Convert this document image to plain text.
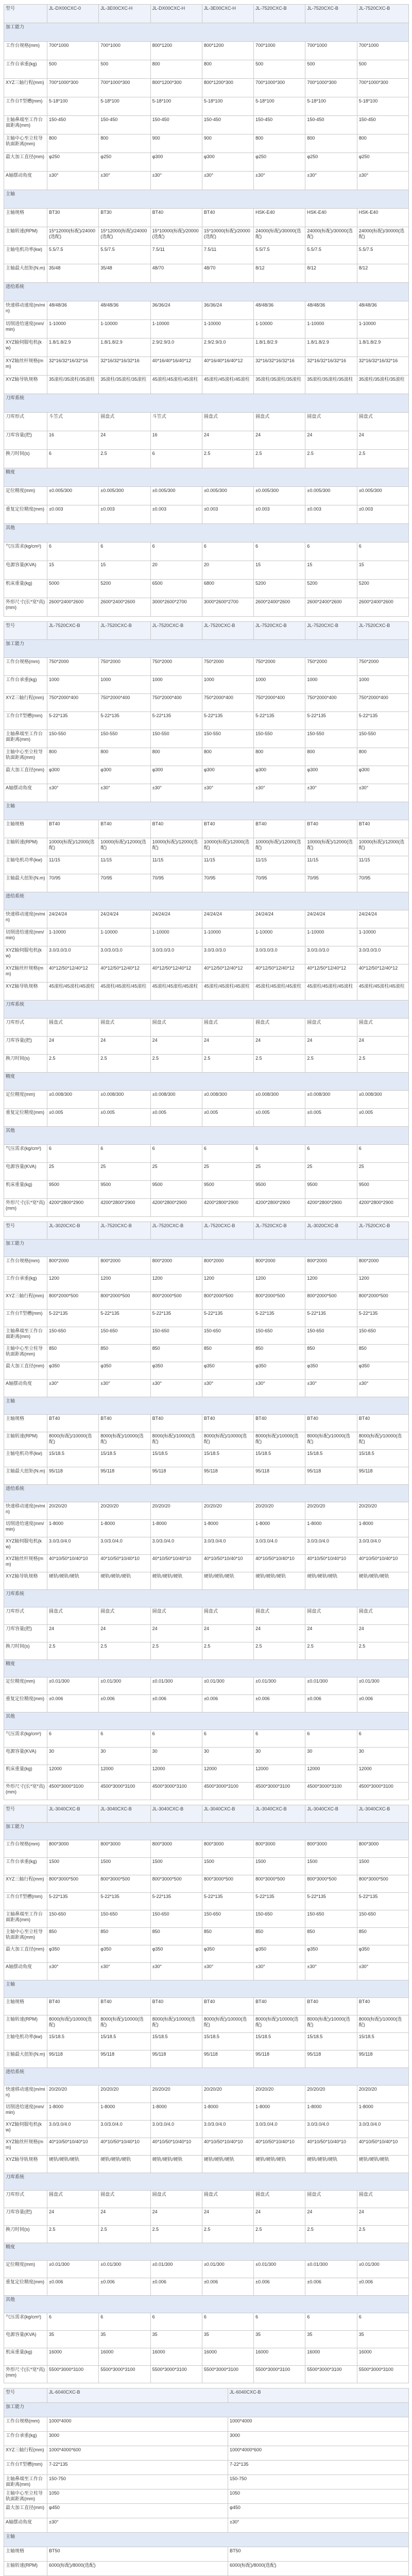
型号	JL-DX00CXC-0	JL-3E00CXC-H	JL-DX00CXC-H	JL-3E00CXC-H	JL-7520CXC-B	JL-7520CXC-B	JL-7520CXC-B
加工能力							
工作台规格(mm)	700*1000	700*1000	800*1200	800*1200	700*1000	700*1000	700*1000
工作台承重(kg)	500	500	800	800	500	500	500
XYZ三轴行程(mm)	700*1000*300	700*1000*300	800*1200*300	800*1200*300	700*1000*300	700*1000*300	700*1000*300
工作台T型槽(mm)	5-18*100	5-18*100	5-18*100	5-18*100	5-18*100	5-18*100	5-18*100
主轴鼻端至工作台面距离(mm)	150-450	150-450	150-450	150-450	150-450	150-450	150-450
主轴中心至立柱导轨面距离(mm)	800	800	900	900	800	800	800
最大加工直径(mm)	φ250	φ250	φ300	φ300	φ250	φ250	φ250
A轴摆动角度	±30°	±30°	±30°	±30°	±30°	±30°	±30°
主轴							
主轴规格	BT30	BT30	BT40	BT40	HSK-E40	HSK-E40	HSK-E40
主轴转速(RPM)	15*12000(标配)/24000(选配)	15*12000(标配)/24000(选配)	15*10000(标配)/20000(选配)	15*10000(标配)/20000(选配)	24000(标配)/30000(选配)	24000(标配)/30000(选配)	24000(标配)/30000(选配)
主轴电机功率(kw)	5.5/7.5	5.5/7.5	7.5/11	7.5/11	5.5/7.5	5.5/7.5	5.5/7.5
主轴最大扭矩(N.m)	35/48	35/48	48/70	48/70	8/12	8/12	8/12
进给系统							
快速移动速度(m/min)	48/48/36	48/48/36	36/36/24	36/36/24	48/48/36	48/48/36	48/48/36
切削进给速度(mm/min)	1-10000	1-10000	1-10000	1-10000	1-10000	1-10000	1-10000
XYZ轴伺服电机(kw)	1.8/1.8/2.9	1.8/1.8/2.9	2.9/2.9/3.0	2.9/2.9/3.0	1.8/1.8/2.9	1.8/1.8/2.9	1.8/1.8/2.9
XYZ轴丝杆规格(mm)	32*16/32*16/32*16	32*16/32*16/32*16	40*16/40*16/40*12	40*16/40*16/40*12	32*16/32*16/32*16	32*16/32*16/32*16	32*16/32*16/32*16
XYZ轴导轨规格	35滚柱/35滚柱/35滚柱	35滚柱/35滚柱/35滚柱	45滚柱/45滚柱/45滚柱	45滚柱/45滚柱/45滚柱	35滚柱/35滚柱/35滚柱	35滚柱/35滚柱/35滚柱	35滚柱/35滚柱/35滚柱
刀库系统							
刀库形式	斗笠式	圆盘式	斗笠式	圆盘式	圆盘式	圆盘式	圆盘式
刀库容量(把)	16	24	16	24	24	24	24
换刀时间(s)	6	2.5	6	2.5	2.5	2.5	2.5
精度							
定位精度(mm)	±0.005/300	±0.005/300	±0.005/300	±0.005/300	±0.005/300	±0.005/300	±0.005/300
重复定位精度(mm)	±0.003	±0.003	±0.003	±0.003	±0.003	±0.003	±0.003
其他							
气压需求(kg/cm²)	6	6	6	6	6	6	6
电源容量(KVA)	15	15	20	20	15	15	15
机床重量(kg)	5000	5200	6500	6800	5200	5200	5200
外形尺寸(长*宽*高)(mm)	2600*2400*2600	2600*2400*2600	3000*2600*2700	3000*2600*2700	2600*2400*2600	2600*2400*2600	2600*2400*2600
型号	JL-7520CXC-B	JL-7520CXC-B	JL-7520CXC-B	JL-7520CXC-B	JL-7520CXC-B	JL-7520CXC-B	JL-7520CXC-B
加工能力							
工作台规格(mm)	750*2000	750*2000	750*2000	750*2000	750*2000	750*2000	750*2000
工作台承重(kg)	1000	1000	1000	1000	1000	1000	1000
XYZ三轴行程(mm)	750*2000*400	750*2000*400	750*2000*400	750*2000*400	750*2000*400	750*2000*400	750*2000*400
工作台T型槽(mm)	5-22*135	5-22*135	5-22*135	5-22*135	5-22*135	5-22*135	5-22*135
主轴鼻端至工作台面距离(mm)	150-550	150-550	150-550	150-550	150-550	150-550	150-550
主轴中心至立柱导轨面距离(mm)	800	800	800	800	800	800	800
最大加工直径(mm)	φ300	φ300	φ300	φ300	φ300	φ300	φ300
A轴摆动角度	±30°	±30°	±30°	±30°	±30°	±30°	±30°
主轴							
主轴规格	BT40	BT40	BT40	BT40	BT40	BT40	BT40
主轴转速(RPM)	10000(标配)/12000(选配)	10000(标配)/12000(选配)	10000(标配)/12000(选配)	10000(标配)/12000(选配)	10000(标配)/12000(选配)	10000(标配)/12000(选配)	10000(标配)/12000(选配)
主轴电机功率(kw)	11/15	11/15	11/15	11/15	11/15	11/15	11/15
主轴最大扭矩(N.m)	70/95	70/95	70/95	70/95	70/95	70/95	70/95
进给系统							
快速移动速度(m/min)	24/24/24	24/24/24	24/24/24	24/24/24	24/24/24	24/24/24	24/24/24
切削进给速度(mm/min)	1-10000	1-10000	1-10000	1-10000	1-10000	1-10000	1-10000
XYZ轴伺服电机(kw)	3.0/3.0/3.0	3.0/3.0/3.0	3.0/3.0/3.0	3.0/3.0/3.0	3.0/3.0/3.0	3.0/3.0/3.0	3.0/3.0/3.0
XYZ轴丝杆规格(mm)	40*12/50*12/40*12	40*12/50*12/40*12	40*12/50*12/40*12	40*12/50*12/40*12	40*12/50*12/40*12	40*12/50*12/40*12	40*12/50*12/40*12
XYZ轴导轨规格	45滚柱/45滚柱/45滚柱	45滚柱/45滚柱/45滚柱	45滚柱/45滚柱/45滚柱	45滚柱/45滚柱/45滚柱	45滚柱/45滚柱/45滚柱	45滚柱/45滚柱/45滚柱	45滚柱/45滚柱/45滚柱
刀库系统							
刀库形式	圆盘式	圆盘式	圆盘式	圆盘式	圆盘式	圆盘式	圆盘式
刀库容量(把)	24	24	24	24	24	24	24
换刀时间(s)	2.5	2.5	2.5	2.5	2.5	2.5	2.5
精度							
定位精度(mm)	±0.008/300	±0.008/300	±0.008/300	±0.008/300	±0.008/300	±0.008/300	±0.008/300
重复定位精度(mm)	±0.005	±0.005	±0.005	±0.005	±0.005	±0.005	±0.005
其他							
气压需求(kg/cm²)	6	6	6	6	6	6	6
电源容量(KVA)	25	25	25	25	25	25	25
机床重量(kg)	9500	9500	9500	9500	9500	9500	9500
外形尺寸(长*宽*高)(mm)	4200*2800*2900	4200*2800*2900	4200*2800*2900	4200*2800*2900	4200*2800*2900	4200*2800*2900	4200*2800*2900
型号	JL-3020CXC-B	JL-7520CXC-B	JL-7520CXC-B	JL-7520CXC-B	JL-7520CXC-B	JL-3020CXC-B	JL-7520CXC-B
加工能力							
工作台规格(mm)	800*2000	800*2000	800*2000	800*2000	800*2000	800*2000	800*2000
工作台承重(kg)	1200	1200	1200	1200	1200	1200	1200
XYZ三轴行程(mm)	800*2000*500	800*2000*500	800*2000*500	800*2000*500	800*2000*500	800*2000*500	800*2000*500
工作台T型槽(mm)	5-22*135	5-22*135	5-22*135	5-22*135	5-22*135	5-22*135	5-22*135
主轴鼻端至工作台面距离(mm)	150-650	150-650	150-650	150-650	150-650	150-650	150-650
主轴中心至立柱导轨面距离(mm)	850	850	850	850	850	850	850
最大加工直径(mm)	φ350	φ350	φ350	φ350	φ350	φ350	φ350
A轴摆动角度	±30°	±30°	±30°	±30°	±30°	±30°	±30°
主轴							
主轴规格	BT40	BT40	BT40	BT40	BT40	BT40	BT40
主轴转速(RPM)	8000(标配)/10000(选配)	8000(标配)/10000(选配)	8000(标配)/10000(选配)	8000(标配)/10000(选配)	8000(标配)/10000(选配)	8000(标配)/10000(选配)	8000(标配)/10000(选配)
主轴电机功率(kw)	15/18.5	15/18.5	15/18.5	15/18.5	15/18.5	15/18.5	15/18.5
主轴最大扭矩(N.m)	95/118	95/118	95/118	95/118	95/118	95/118	95/118
进给系统							
快速移动速度(m/min)	20/20/20	20/20/20	20/20/20	20/20/20	20/20/20	20/20/20	20/20/20
切削进给速度(mm/min)	1-8000	1-8000	1-8000	1-8000	1-8000	1-8000	1-8000
XYZ轴伺服电机(kw)	3.0/3.0/4.0	3.0/3.0/4.0	3.0/3.0/4.0	3.0/3.0/4.0	3.0/3.0/4.0	3.0/3.0/4.0	3.0/3.0/4.0
XYZ轴丝杆规格(mm)	40*10/50*10/40*10	40*10/50*10/40*10	40*10/50*10/40*10	40*10/50*10/40*10	40*10/50*10/40*10	40*10/50*10/40*10	40*10/50*10/40*10
XYZ轴导轨规格	硬轨/硬轨/硬轨	硬轨/硬轨/硬轨	硬轨/硬轨/硬轨	硬轨/硬轨/硬轨	硬轨/硬轨/硬轨	硬轨/硬轨/硬轨	硬轨/硬轨/硬轨
刀库系统							
刀库形式	圆盘式	圆盘式	圆盘式	圆盘式	圆盘式	圆盘式	圆盘式
刀库容量(把)	24	24	24	24	24	24	24
换刀时间(s)	2.5	2.5	2.5	2.5	2.5	2.5	2.5
精度							
定位精度(mm)	±0.01/300	±0.01/300	±0.01/300	±0.01/300	±0.01/300	±0.01/300	±0.01/300
重复定位精度(mm)	±0.006	±0.006	±0.006	±0.006	±0.006	±0.006	±0.006
其他							
气压需求(kg/cm²)	6	6	6	6	6	6	6
电源容量(KVA)	30	30	30	30	30	30	30
机床重量(kg)	12000	12000	12000	12000	12000	12000	12000
外形尺寸(长*宽*高)(mm)	4500*3000*3100	4500*3000*3100	4500*3000*3100	4500*3000*3100	4500*3000*3100	4500*3000*3100	4500*3000*3100
型号	JL-3040CXC-B	JL-3040CXC-B	JL-3040CXC-B	JL-3040CXC-B	JL-3040CXC-B	JL-3040CXC-B	JL-3040CXC-B
加工能力							
工作台规格(mm)	800*3000	800*3000	800*3000	800*3000	800*3000	800*3000	800*3000
工作台承重(kg)	1500	1500	1500	1500	1500	1500	1500
XYZ三轴行程(mm)	800*3000*500	800*3000*500	800*3000*500	800*3000*500	800*3000*500	800*3000*500	800*3000*500
工作台T型槽(mm)	5-22*135	5-22*135	5-22*135	5-22*135	5-22*135	5-22*135	5-22*135
主轴鼻端至工作台面距离(mm)	150-650	150-650	150-650	150-650	150-650	150-650	150-650
主轴中心至立柱导轨面距离(mm)	850	850	850	850	850	850	850
最大加工直径(mm)	φ350	φ350	φ350	φ350	φ350	φ350	φ350
A轴摆动角度	±30°	±30°	±30°	±30°	±30°	±30°	±30°
主轴							
主轴规格	BT40	BT40	BT40	BT40	BT40	BT40	BT40
主轴转速(RPM)	8000(标配)/10000(选配)	8000(标配)/10000(选配)	8000(标配)/10000(选配)	8000(标配)/10000(选配)	8000(标配)/10000(选配)	8000(标配)/10000(选配)	8000(标配)/10000(选配)
主轴电机功率(kw)	15/18.5	15/18.5	15/18.5	15/18.5	15/18.5	15/18.5	15/18.5
主轴最大扭矩(N.m)	95/118	95/118	95/118	95/118	95/118	95/118	95/118
进给系统							
快速移动速度(m/min)	20/20/20	20/20/20	20/20/20	20/20/20	20/20/20	20/20/20	20/20/20
切削进给速度(mm/min)	1-8000	1-8000	1-8000	1-8000	1-8000	1-8000	1-8000
XYZ轴伺服电机(kw)	3.0/3.0/4.0	3.0/3.0/4.0	3.0/3.0/4.0	3.0/3.0/4.0	3.0/3.0/4.0	3.0/3.0/4.0	3.0/3.0/4.0
XYZ轴丝杆规格(mm)	40*10/50*10/40*10	40*10/50*10/40*10	40*10/50*10/40*10	40*10/50*10/40*10	40*10/50*10/40*10	40*10/50*10/40*10	40*10/50*10/40*10
XYZ轴导轨规格	硬轨/硬轨/硬轨	硬轨/硬轨/硬轨	硬轨/硬轨/硬轨	硬轨/硬轨/硬轨	硬轨/硬轨/硬轨	硬轨/硬轨/硬轨	硬轨/硬轨/硬轨
刀库系统							
刀库形式	圆盘式	圆盘式	圆盘式	圆盘式	圆盘式	圆盘式	圆盘式
刀库容量(把)	24	24	24	24	24	24	24
换刀时间(s)	2.5	2.5	2.5	2.5	2.5	2.5	2.5
精度							
定位精度(mm)	±0.01/300	±0.01/300	±0.01/300	±0.01/300	±0.01/300	±0.01/300	±0.01/300
重复定位精度(mm)	±0.006	±0.006	±0.006	±0.006	±0.006	±0.006	±0.006
其他							
气压需求(kg/cm²)	6	6	6	6	6	6	6
电源容量(KVA)	35	35	35	35	35	35	35
机床重量(kg)	16000	16000	16000	16000	16000	16000	16000
外形尺寸(长*宽*高)(mm)	5500*3000*3100	5500*3000*3100	5500*3000*3100	5500*3000*3100	5500*3000*3100	5500*3000*3100	5500*3000*3100
型号	JL-6040CXC-B	JL-6040CXC-B
加工能力		
工作台规格(mm)	1000*4000	1000*4000
工作台承重(kg)	3000	3000
XYZ三轴行程(mm)	1000*4000*600	1000*4000*600
工作台T型槽(mm)	7-22*135	7-22*135
主轴鼻端至工作台面距离(mm)	150-750	150-750
主轴中心至立柱导轨面距离(mm)	1050	1050
最大加工直径(mm)	φ450	φ450
A轴摆动角度	±30°	±30°
主轴		
主轴规格	BT50	BT50
主轴转速(RPM)	6000(标配)/8000(选配)	6000(标配)/8000(选配)
